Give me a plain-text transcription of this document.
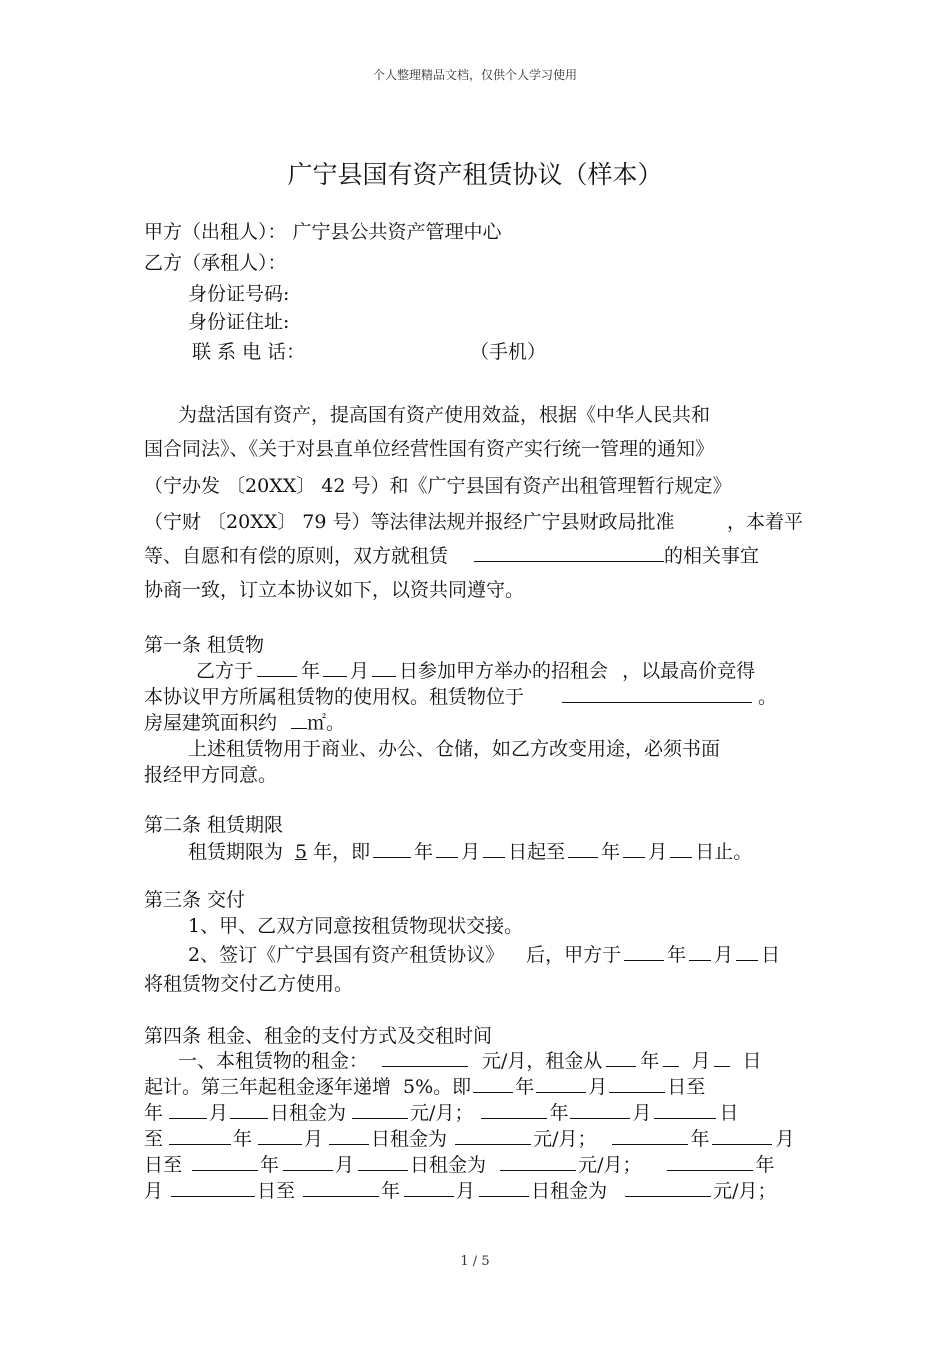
个人整理精品文档，仅供个人学习使用
广宁县国有资产租赁协议（样本）
甲方（出租人）： 广宁县公共资产管理中心
乙方（承租人）：
身份证号码:
身份证住址:
联 系 电 话：	（手机）
为盘活国有资产，提高国有资产使用效益，根据《中华人民共和
国合同法》、《关于对县直单位经营性国有资产实行统一管理的通知》
（宁办发 〔20XX〕 42 号）和《广宁县国有资产出租管理暂行规定》
（宁财 〔20XX〕 79 号）等法律法规并报经广宁县财政局批准	，本着平
等、自愿和有偿的原则，双方就租赁	的相关事宜
协商一致，订立本协议如下，以资共同遵守。
第一条 租赁物
乙方于	年 月 日参加甲方举办的招租会 ，以最高价竞得
本协议甲方所属租赁物的使用权。租赁物位于	。
房屋建筑面积约 ㎡。
上述租赁物用于商业、办公、仓储，如乙方改变用途，必须书面
报经甲方同意。
第二条 租赁期限
租赁期限为 5 年，即 年 月 日起至 年 月 日止。
第三条 交付
1、甲、乙双方同意按租赁物现状交接。
2、签订《广宁县国有资产租赁协议》 后，甲方于 年 月 日
将租赁物交付乙方使用。
第四条 租金、租金的支付方式及交租时间
一、本租赁物的租金：	元/月，租金从 年 月 日
起计。第三年起租金逐年递增 5%。即 年	月	日至
年 月 日租金为	元/月；	年	月	日
至	年	月	日租金为	元/月；	年	月
日至	年	月	日租金为	元/月；	年
月	日至	年	月	日租金为	元/月；
1 / 5
